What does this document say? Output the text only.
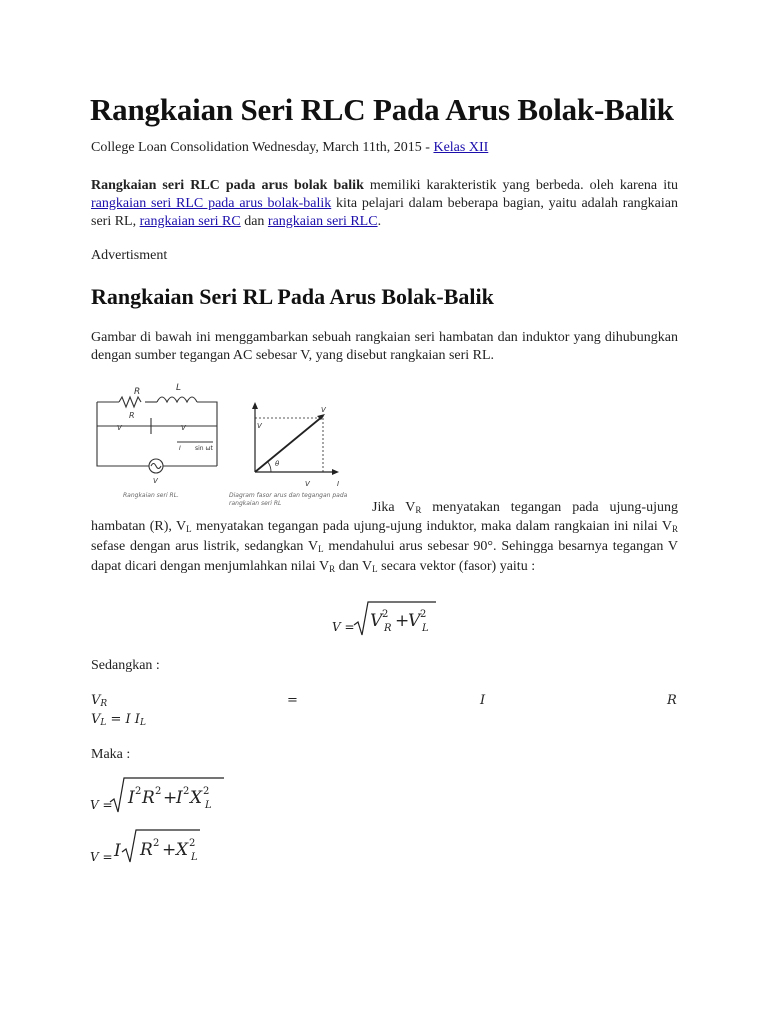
Rangkaian Seri RLC Pada Arus Bolak-Balik
College Loan Consolidation Wednesday, March 11th, 2015 - Kelas XII
Rangkaian seri RLC pada arus bolak balik memiliki karakteristik yang berbeda. oleh karena itu rangkaian seri RLC pada arus bolak-balik kita pelajari dalam beberapa bagian, yaitu adalah rangkaian seri RL, rangkaian seri RC dan rangkaian seri RLC.
Advertisment
Rangkaian Seri RL Pada Arus Bolak-Balik
Gambar di bawah ini menggambarkan sebuah rangkaian seri hambatan dan induktor yang dihubungkan dengan sumber tegangan AC sebesar V, yang disebut rangkaian seri RL.
R	L
R
V	V
I sin ωt
V
Rangkaian seri RL.
V
V
θ
V	I
Diagram fasor arus dan tegangan pada
rangkaian seri RL	Jika $V_R$ menyatakan tegangan pada ujung-ujung
hambatan (R), $V_L$ menyatakan tegangan pada ujung-ujung induktor, maka dalam rangkaian ini nilai $V_R$ sefase dengan arus listrik, sedangkan $V_L$ mendahului arus sebesar 90°. Sehingga besarnya tegangan V dapat dicari dengan menjumlahkan nilai $V_R$ dan $V_L$ secara vektor (fasor) yaitu :
V = V 2
R +
V 2
L
Sedangkan :
$V_R$	=	I	R
$V_L = I$ $I_L$
Maka :
V = I 2 R 2 +
I 2 X 2
L
V = I R 2 + X 2
L
